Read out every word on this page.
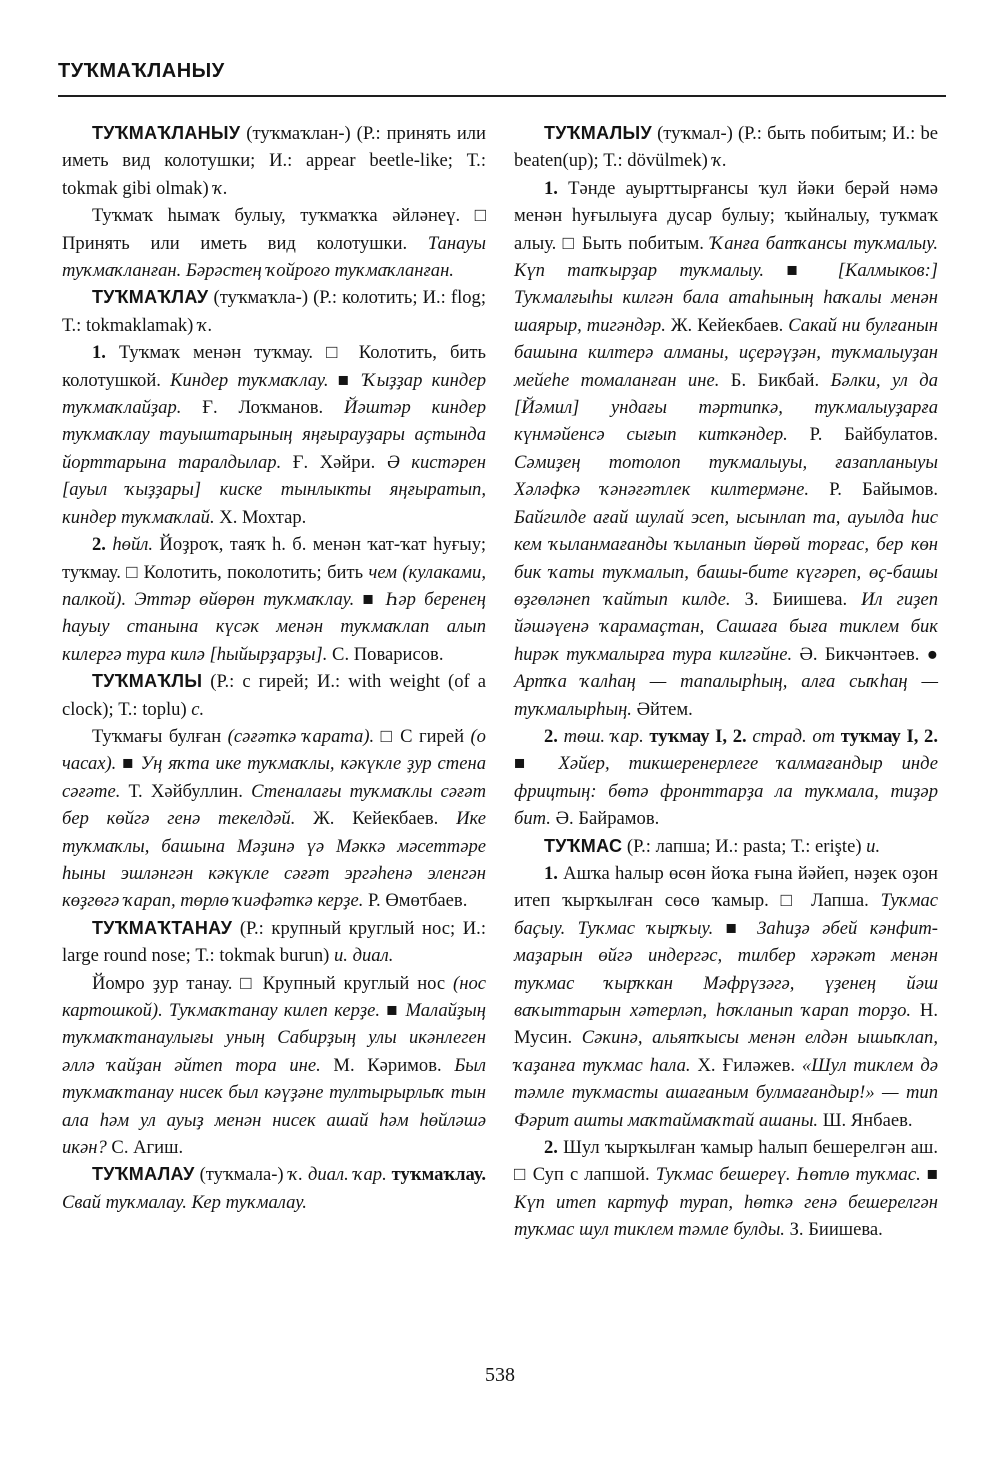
ТУҠМАҠЛАНЫУ

ТУҠМАҠЛАНЫУ (туҡмаҡлан-) (Р.: принять или иметь вид колотушки; И.: appear beetle-like; Т.: tokmak gibi olmak) ҡ.

Туҡмаҡ һымаҡ булыу, туҡмаҡҡа әйләнеү. □ Принять или иметь вид колотушки. Танауы туҡмаҡланған. Бәрәстең ҡойроғо туҡмаҡланған.

ТУҠМАҠЛАУ (туҡмаҡла-) (Р.: колотить; И.: flog; Т.: tokmaklamak) ҡ.

1. Туҡмаҡ менән туҡмау. □ Колотить, бить колотушкой. Киндер туҡмаҡлау. ■ Ҡыҙҙар киндер туҡмаҡлайҙар. Ғ. Лоҡманов. Йәштәр киндер туҡмаҡлау тауыштарының яңғырауҙары аҫтында йорттарына таралдылар. Ғ. Хәйри. Ә кистәрен [ауыл ҡыҙҙары] киске тынлыкты яңғыратып, киндер туҡмаҡлай. Х. Мохтар.

2. һөйл. Йоҙроҡ, таяҡ һ. б. менән ҡат-ҡат һуғыу; туҡмау. □ Колотить, поколотить; бить чем (кулаками, палкой). Эттәр өйөрөн туҡмаҡлау. ■ Һәр беренең һауыу станына күсәк менән туҡмаҡлап алып килергә тура килә [һыйырҙарҙы]. С. Поварисов.

ТУҠМАҠЛЫ (Р.: с гирей; И.: with weight (of a clock); Т.: toplu) с.

Туҡмағы булған (сәғәткә ҡарата). □ С гирей (о часах). ■ Уң яҡта ике туҡмаҡлы, кәкүкле ҙур стена сәғәте. Т. Хәйбуллин. Стеналағы туҡмаҡлы сәғәт бер көйгә генә текелдәй. Ж. Кейекбаев. Ике туҡмаҡлы, башына Мәҙинә үә Мәккә мәсеттәре һыны эшләнгән кәкүкле сәғәт эргәһенә эленгән көҙгөгә ҡарап, төрлө ҡиәфәткә керҙе. Р. Өмөтбаев.

ТУҠМАҠТАНАУ (Р.: крупный круглый нос; И.: large round nose; Т.: tokmak burun) и. диал.

Йомро ҙур танау. □ Крупный круглый нос (нос картошкой). Туҡмаҡтанау килеп керҙе. ■ Малайҙың туҡмаҡтанаулығы уның Сабирҙың улы икәнлеген әллә ҡайҙан әйтеп тора ине. М. Кәримов. Был туҡмаҡтанау нисек был кәүҙәне тултырырлыҡ тын ала һәм ул ауыҙ менән нисек ашай һәм һөйләшә икән? С. Агиш.

ТУҠМАЛАУ (туҡмала-) ҡ. диал. ҡар. туҡмаҡлау. Свай туҡмалау. Кер туҡмалау.

ТУҠМАЛЫУ (туҡмал-) (Р.: быть побитым; И.: be beaten(up); Т.: dövülmek) ҡ.

1. Тәнде ауырттырғансы ҡул йәки берәй нәмә менән һуғылыуға дусар булыу; ҡыйналыу, туҡмаҡ алыу. □ Быть побитым. Ҡанға батҡансы туҡмалыу. Күп тапҡырҙар туҡмалыу. ■ [Калмыков:] Туҡмалғыһы килгән бала атаһының һаҡалы менән шаярыр, тигәндәр. Ж. Кейекбаев. Сакай ни булғанын башына килтерә алманы, иҫерәүҙән, туҡмалыуҙан мейеһе томаланған ине. Б. Бикбай. Бәлки, ул да [Йәмил] ундағы тәртипкә, туҡмалыуҙарға күнмәйенсә сығып киткәндер. Р. Байбулатов. Сәмиҙең тотолоп туҡмалыуы, ғазапланыуы Хәләфкә ҡәнәғәтлек килтермәне. Р. Байымов. Байгилде ағай шулай эсеп, ысынлап та, ауылда һис кем ҡыланмағанды ҡыланып йөрөй торғас, бер көн бик ҡаты туҡмалып, башы-бите күгәреп, өҫ-башы өҙгөләнеп ҡайтып килде. З. Биишева. Ил гиҙеп йәшәүенә ҡарамаҫтан, Сашаға быға тиклем бик һирәк туҡмалырға тура килгәйне. Ә. Бикчәнтәев. ● Артҡа ҡалһаң — тапалырһың, алға сыҡһаң — туҡмалырһың. Әйтем.

2. төш. ҡар. туҡмау I, 2. страд. от туҡмау I, 2. ■ Хәйер, тикшеренерлеге ҡалмағандыр инде фрицтың: бөтә фронттарҙа ла туҡмала, тиҙәр бит. Ә. Байрамов.

ТУҠМАС (Р.: лапша; И.: pasta; Т.: erişte) и.

1. Ашҡа һалыр өсөн йоҡа ғына йәйеп, нәҙек оҙон итеп ҡырҡылған сөсө ҡамыр. □ Лапша. Туҡмас баҫыу. Туҡмас ҡырҡыу. ■ Заһиҙә әбей кәнфит-маҙарын өйгә индергәс, тилбер хәрәкәт менән туҡмас ҡырҡкан Мәфрүзәгә, үҙенең йәш ваҡыттарын хәтерләп, һоҡланып ҡарап торҙо. Н. Мусин. Сәкинә, альяпҡысы менән елдән ышыҡлап, ҡаҙанға туҡмас һала. Х. Ғиләжев. «Шул тиклем дә тәмле туҡмасты ашағаным булмағандыр!» — тип Фәрит ашты маҡтаймаҡтай ашаны. Ш. Янбаев.

2. Шул ҡырҡылған ҡамыр һалып бешерелгән аш. □ Суп с лапшой. Туҡмас бешереү. Һөтлө туҡмас. ■ Күп итеп картуф турап, һөткә генә бешерелгән туҡмас шул тиклем тәмле булды. З. Биишева.

538
